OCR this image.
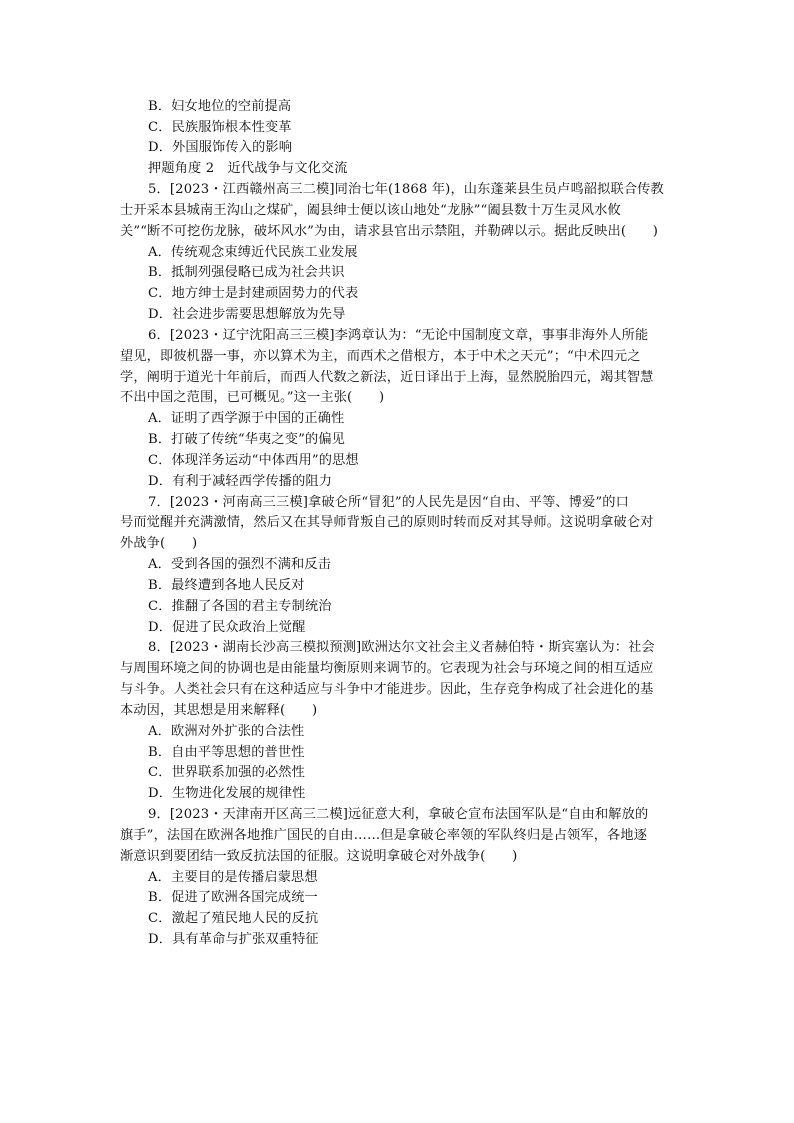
B．妇女地位的空前提高
C．民族服饰根本性变革
D．外国服饰传入的影响
押题角度 2　近代战争与文化交流
5．[2023・江西赣州高三二模]同治七年(1868 年)，山东蓬莱县生员卢鸣韶拟联合传教
士开采本县城南王沟山之煤矿，阖县绅士便以该山地处“龙脉”“阖县数十万生灵风水攸
关”“断不可挖伤龙脉，破坏风水”为由，请求县官出示禁阻，并勒碑以示。据此反映出(　　)
A．传统观念束缚近代民族工业发展
B．抵制列强侵略已成为社会共识
C．地方绅士是封建顽固势力的代表
D．社会进步需要思想解放为先导
6．[2023・辽宁沈阳高三三模]李鸿章认为：“无论中国制度文章，事事非海外人所能
望见，即彼机器一事，亦以算术为主，而西术之借根方，本于中术之天元”；“中术四元之
学，阐明于道光十年前后，而西人代数之新法，近日译出于上海，显然脱胎四元，竭其智慧
不出中国之范围，已可概见。”这一主张(　　)
A．证明了西学源于中国的正确性
B．打破了传统“华夷之变”的偏见
C．体现洋务运动“中体西用”的思想
D．有利于减轻西学传播的阻力
7．[2023・河南高三三模]拿破仑所“冒犯”的人民先是因“自由、平等、博爱”的口
号而觉醒并充满激情，然后又在其导师背叛自己的原则时转而反对其导师。这说明拿破仑对
外战争(　　)
A．受到各国的强烈不满和反击
B．最终遭到各地人民反对
C．推翻了各国的君主专制统治
D．促进了民众政治上觉醒
8．[2023・湖南长沙高三模拟预测]欧洲达尔文社会主义者赫伯特・斯宾塞认为：社会
与周围环境之间的协调也是由能量均衡原则来调节的。它表现为社会与环境之间的相互适应
与斗争。人类社会只有在这种适应与斗争中才能进步。因此，生存竞争构成了社会进化的基
本动因，其思想是用来解释(　　)
A．欧洲对外扩张的合法性
B．自由平等思想的普世性
C．世界联系加强的必然性
D．生物进化发展的规律性
9．[2023・天津南开区高三二模]远征意大利，拿破仑宣布法国军队是“自由和解放的
旗手”，法国在欧洲各地推广国民的自由……但是拿破仑率领的军队终归是占领军，各地逐
渐意识到要团结一致反抗法国的征服。这说明拿破仑对外战争(　　)
A．主要目的是传播启蒙思想
B．促进了欧洲各国完成统一
C．激起了殖民地人民的反抗
D．具有革命与扩张双重特征
